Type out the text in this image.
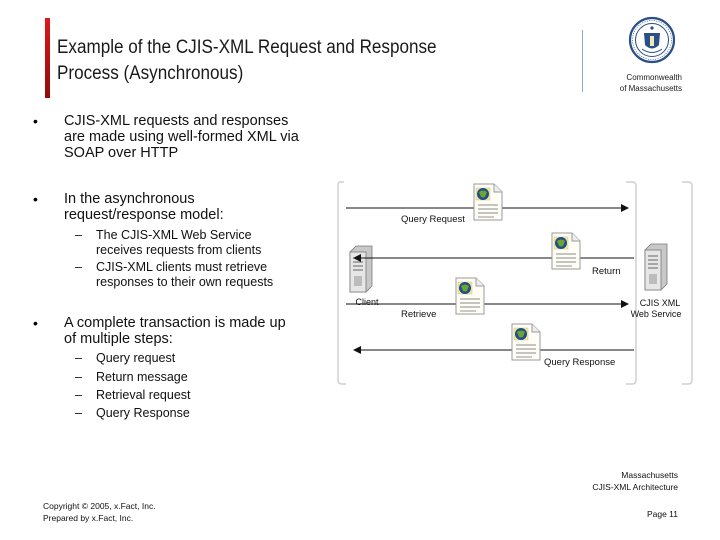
Example of the CJIS-XML Request and Response
Process (Asynchronous)	Commonwealth
of Massachusetts
• CJIS-XML requests and responses
are made using well-formed XML via
SOAP over HTTP
• In the asynchronous
request/response model:
– The CJIS-XML Web Service
receives requests from clients
– CJIS-XML clients must retrieve
responses to their own requests
• A complete transaction is made up
of multiple steps:
– Query request
– Return message
– Retrieval request
– Query Response
Client	CJIS XML
Web Service
Query Request
Return
Retrieve
Query Response
Massachusetts
CJIS-XML Architecture
Copyright © 2005, x.Fact, Inc.
Prepared by x.Fact, Inc.	Page 11
